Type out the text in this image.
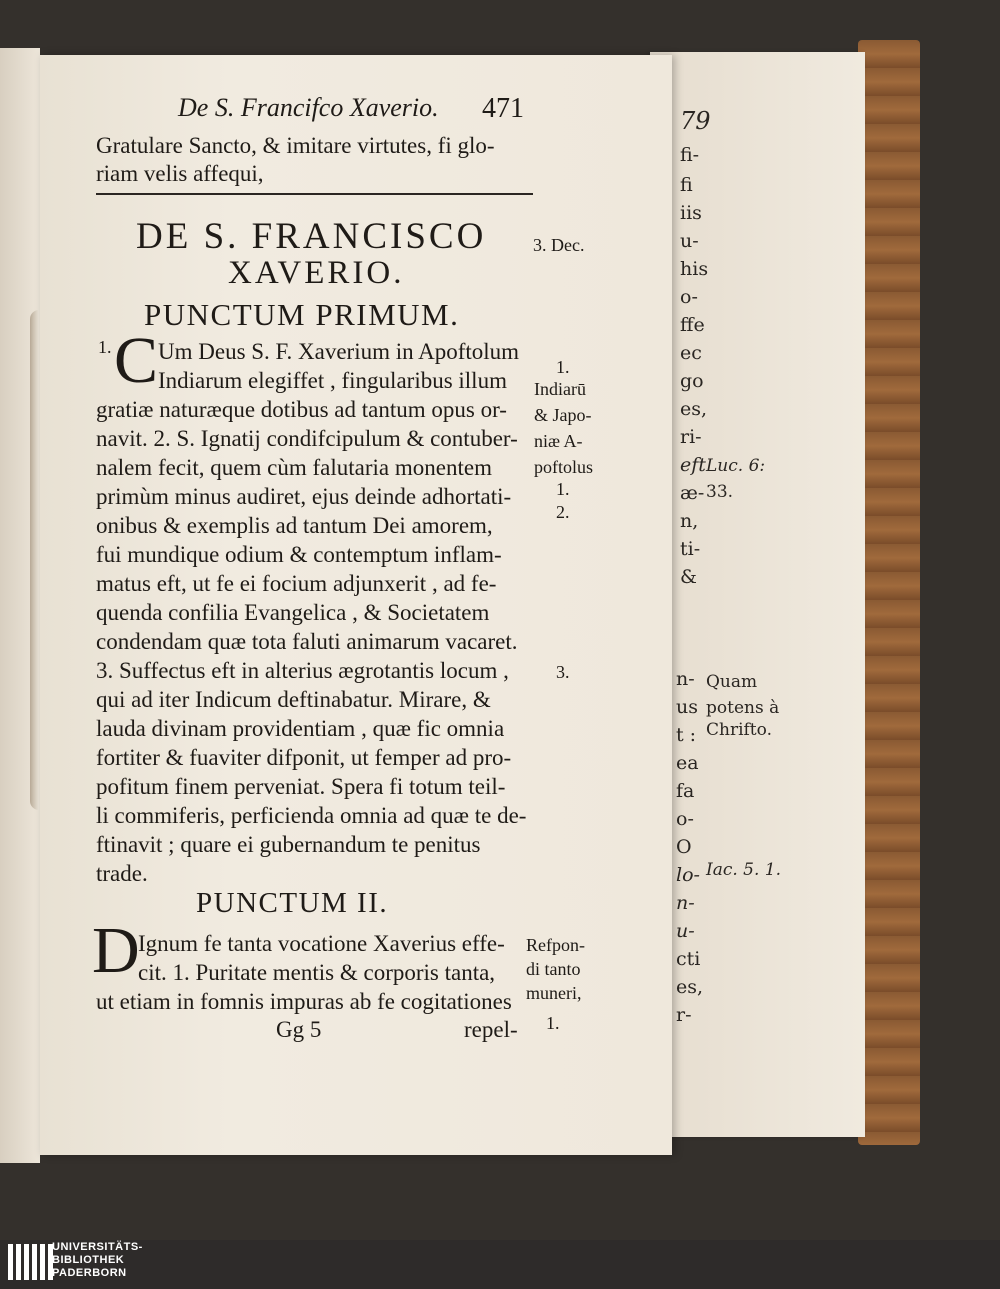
79
fi-
fi
iis
u-
his
o-
ffe
ec
go
es,
ri-
eft
æ-
n,
ti-
&
n-
us
t :
ea
fa
o-
O
lo-
n-
u-
cti
es,
r-
Luc. 6:
33.
Quam
potens à
Chrifto.
Iac. 5. 1.
De S. Francifco Xaverio. 471
Gratulare Sancto, & imitare virtutes, fi glo-
riam velis affequi,
DE S. FRANCISCO	3. Dec.
XAVERIO.
PUNCTUM PRIMUM.
1. C Um Deus S. F. Xaverium in Apoftolum
Indiarum elegiffet , fingularibus illum
gratiæ naturæque dotibus ad tantum opus or-
navit. 2. S. Ignatij condifcipulum & contuber-
nalem fecit, quem cùm falutaria monentem
primùm minus audiret, ejus deinde adhortati-
onibus & exemplis ad tantum Dei amorem,
fui mundique odium & contemptum inflam-
matus eft, ut fe ei focium adjunxerit , ad fe-
quenda confilia Evangelica , & Societatem
condendam quæ tota faluti animarum vacaret.
3. Suffectus eft in alterius ægrotantis locum ,
qui ad iter Indicum deftinabatur. Mirare, &
lauda divinam providentiam , quæ fic omnia
fortiter & fuaviter difponit, ut femper ad pro-
pofitum finem perveniat. Spera fi totum teil-
li commiferis, perficienda omnia ad quæ te de-
ftinavit ; quare ei gubernandum te penitus
trade.
1.
Indiarū
& Japo-
niæ A-
poftolus
1.
2.
3.
PUNCTUM II.
D
Ignum fe tanta vocatione Xaverius effe-
cit. 1. Puritate mentis & corporis tanta,
ut etiam in fomnis impuras ab fe cogitationes
Refpon-
di tanto
muneri,
1.
Gg 5	repel-
UNIVERSITÄTS-
BIBLIOTHEK
PADERBORN
